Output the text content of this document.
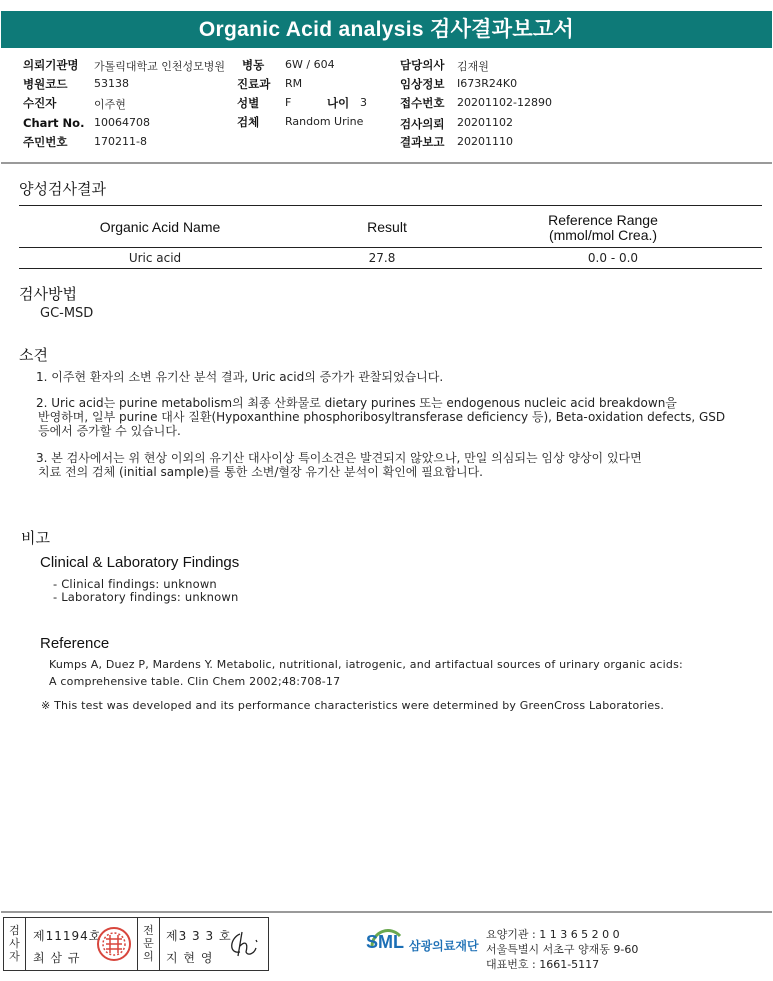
Organic Acid analysis 검사결과보고서
의뢰기관명 가톨릭대학교 인천성모병원 병동 6W / 604	담당의사 김재원
병원코드 53138	진료과 RM	임상정보 I673R24K0
수진자	이주현	성별 F	나이 3	접수번호 20201102-12890
Chart No. 10064708	검체 Random Urine	검사의뢰 20201102
주민번호 170211-8	결과보고 20201110
양성검사결과
Organic Acid Name	Result	Reference Range
(mmol/mol Crea.)
Uric acid	27.8	0.0 - 0.0
검사방법
GC-MSD
소견
1. 이주현 환자의 소변 유기산 분석 결과, Uric acid의 증가가 관찰되었습니다.
2. Uric acid는 purine metabolism의 최종 산화물로 dietary purines 또는 endogenous nucleic acid breakdown을
반영하며, 일부 purine 대사 질환(Hypoxanthine phosphoribosyltransferase deficiency 등), Beta-oxidation defects, GSD
등에서 증가할 수 있습니다.
3. 본 검사에서는 위 현상 이외의 유기산 대사이상 특이소견은 발견되지 않았으나, 만일 의심되는 임상 양상이 있다면
치료 전의 검체 (initial sample)를 통한 소변/혈장 유기산 분석이 확인에 필요합니다.
비고
Clinical & Laboratory Findings
- Clinical findings: unknown
- Laboratory findings: unknown
Reference
Kumps A, Duez P, Mardens Y. Metabolic, nutritional, iatrogenic, and artifactual sources of urinary organic acids:
A comprehensive table. Clin Chem 2002;48:708-17
※ This test was developed and its performance characteristics were determined by GreenCross Laboratories.
검
사
자
제11194호
최 삼 규
전
문
의
제3 3 3 호
지 현 영
SML 삼광의료재단
요양기관 : 1 1 3 6 5 2 0 0
서울특별시 서초구 양재동 9-60
대표번호 : 1661-5117
